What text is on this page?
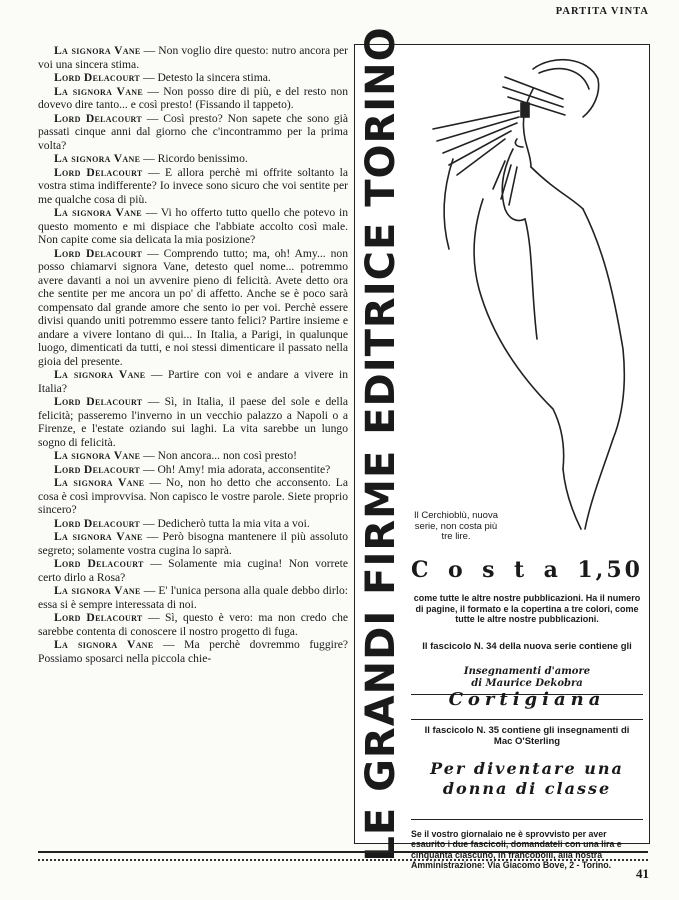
PARTITA VINTA

La signora Vane — Non voglio dire questo: nutro ancora per voi una sincera stima.

Lord Delacourt — Detesto la sincera stima.

La signora Vane — Non posso dire di più, e del resto non dovevo dire tanto... e così presto! (Fissando il tappeto).

Lord Delacourt — Così presto? Non sapete che sono già passati cinque anni dal giorno che c'incontrammo per la prima volta?

La signora Vane — Ricordo benissimo.

Lord Delacourt — E allora perchè mi offrite soltanto la vostra stima indifferente? Io invece sono sicuro che voi sentite per me qualche cosa di più.

La signora Vane — Vi ho offerto tutto quello che potevo in questo momento e mi dispiace che l'abbiate accolto così male. Non capite come sia delicata la mia posizione?

Lord Delacourt — Comprendo tutto; ma, oh! Amy... non posso chiamarvi signora Vane, detesto quel nome... potremmo avere davanti a noi un avvenire pieno di felicità. Avete detto ora che sentite per me ancora un po' di affetto. Anche se è poco sarà compensato dal grande amore che sento io per voi. Perchè essere divisi quando uniti potremmo essere tanto felici? Partire insieme e andare a vivere lontano di qui... In Italia, a Parigi, in qualunque luogo, dimenticati da tutti, e noi stessi dimenticare il passato nella gioia del presente.

La signora Vane — Partire con voi e andare a vivere in Italia?

Lord Delacourt — Sì, in Italia, il paese del sole e della felicità; passeremo l'inverno in un vecchio palazzo a Napoli o a Firenze, e l'estate oziando sui laghi. La vita sarebbe un lungo sogno di felicità.

La signora Vane — Non ancora... non così presto!

Lord Delacourt — Oh! Amy! mia adorata, acconsentite?

La signora Vane — No, non ho detto che acconsento. La cosa è così improvvisa. Non capisco le vostre parole. Siete proprio sincero?

Lord Delacourt — Dedicherò tutta la mia vita a voi.

La signora Vane — Però bisogna mantenere il più assoluto segreto; solamente vostra cugina lo saprà.

Lord Delacourt — Solamente mia cugina! Non vorrete certo dirlo a Rosa?

La signora Vane — E' l'unica persona alla quale debbo dirlo: essa si è sempre interessata di noi.

Lord Delacourt — Sì, questo è vero: ma non credo che sarebbe contenta di conoscere il nostro progetto di fuga.

La signora Vane — Ma perchè dovremmo fuggire? Possiamo sposarci nella piccola chie-	LE GRANDI FIRME EDITRICE TORINO	Il Cerchioblù, nuova serie, non costa più tre lire.
C o s t a 1,50
come tutte le altre nostre pubblicazioni. Ha il numero di pagine, il formato e la copertina a tre colori, come tutte le altre nostre pubblicazioni.
Il fascicolo N. 34 della nuova serie contiene gli
Insegnamenti d'amore
di Maurice Dekobra
Cortigiana
Il fascicolo N. 35 contiene gli insegnamenti di
Mac O'Sterling
Per diventare una
donna di classe
Se il vostro giornalaio ne è sprovvisto per aver esaurito i due fascicoli, domandateli con una lira e cinquanta ciascuno, in francobolli, alla nostra Amministrazione: Via Giacomo Bove, 2 - Torino.
41
